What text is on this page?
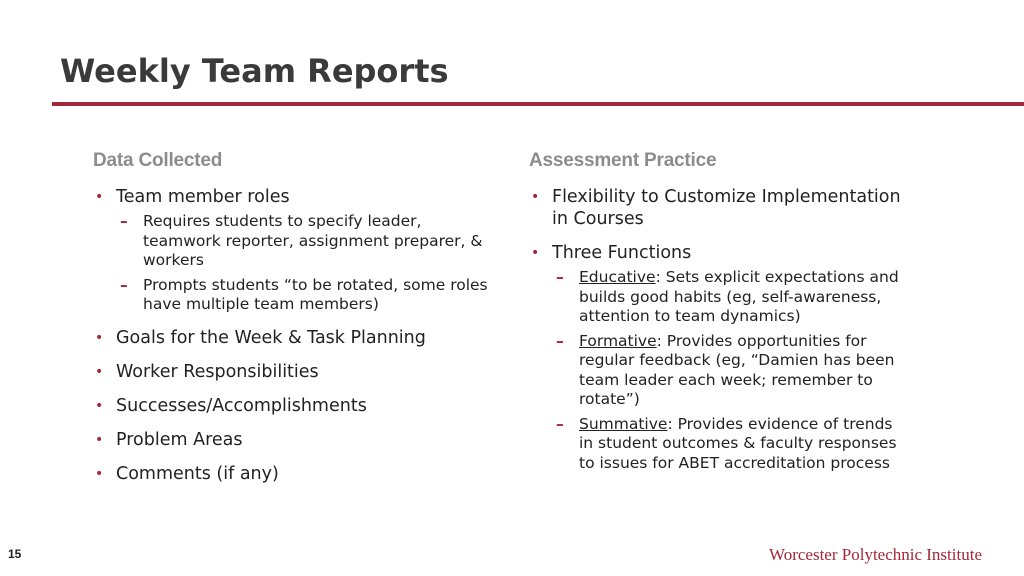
Weekly Team Reports
Data Collected
• Team member roles
– Requires students to specify leader, teamwork reporter, assignment preparer, & workers
– Prompts students “to be rotated, some roles have multiple team members)
• Goals for the Week & Task Planning
• Worker Responsibilities
• Successes/Accomplishments
• Problem Areas
• Comments (if any)
Assessment Practice
• Flexibility to Customize Implementation in Courses
• Three Functions
– Educative: Sets explicit expectations and builds good habits (eg, self-awareness, attention to team dynamics)
– Formative: Provides opportunities for regular feedback (eg, “Damien has been team leader each week; remember to rotate”)
– Summative: Provides evidence of trends in student outcomes & faculty responses to issues for ABET accreditation process
15	Worcester Polytechnic Institute
